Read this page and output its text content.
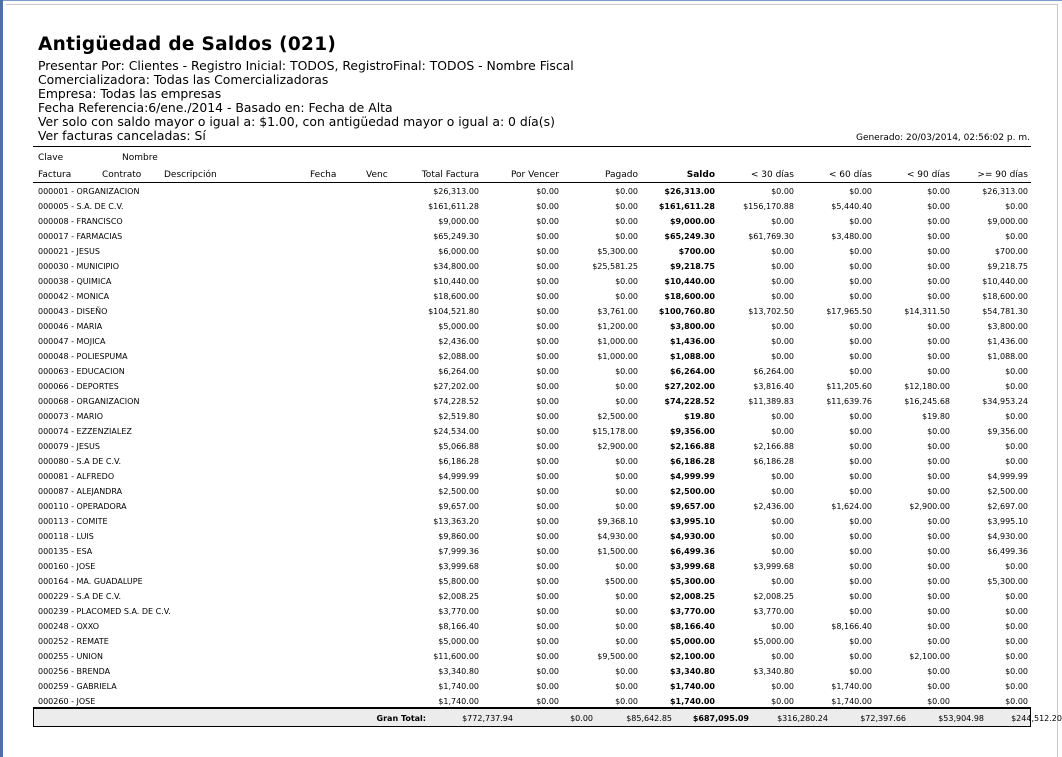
Antigüedad de Saldos (021)
Presentar Por: Clientes - Registro Inicial: TODOS, RegistroFinal: TODOS - Nombre Fiscal
Comercializadora: Todas las Comercializadoras
Empresa: Todas las empresas
Fecha Referencia:6/ene./2014 - Basado en: Fecha de Alta
Ver solo con saldo mayor o igual a: $1.00, con antigüedad mayor o igual a: 0 día(s)
Ver facturas canceladas: Sí	Generado: 20/03/2014, 02:56:02 p. m.
Clave	Nombre
Factura	Contrato	Descripción	Fecha	Venc	Total Factura	Por Vencer	Pagado	Saldo	< 30 días	< 60 días	< 90 días	>= 90 días
000001 - ORGANIZACION	$26,313.00	$0.00	$0.00	$26,313.00	$0.00	$0.00	$0.00	$26,313.00
000005 - S.A. DE C.V.	$161,611.28	$0.00	$0.00	$161,611.28	$156,170.88	$5,440.40	$0.00	$0.00
000008 - FRANCISCO	$9,000.00	$0.00	$0.00	$9,000.00	$0.00	$0.00	$0.00	$9,000.00
000017 - FARMACIAS	$65,249.30	$0.00	$0.00	$65,249.30	$61,769.30	$3,480.00	$0.00	$0.00
000021 - JESUS	$6,000.00	$0.00	$5,300.00	$700.00	$0.00	$0.00	$0.00	$700.00
000030 - MUNICIPIO	$34,800.00	$0.00	$25,581.25	$9,218.75	$0.00	$0.00	$0.00	$9,218.75
000038 - QUIMICA	$10,440.00	$0.00	$0.00	$10,440.00	$0.00	$0.00	$0.00	$10,440.00
000042 - MONICA	$18,600.00	$0.00	$0.00	$18,600.00	$0.00	$0.00	$0.00	$18,600.00
000043 - DISEÑO	$104,521.80	$0.00	$3,761.00	$100,760.80	$13,702.50	$17,965.50	$14,311.50	$54,781.30
000046 - MARIA	$5,000.00	$0.00	$1,200.00	$3,800.00	$0.00	$0.00	$0.00	$3,800.00
000047 - MOJICA	$2,436.00	$0.00	$1,000.00	$1,436.00	$0.00	$0.00	$0.00	$1,436.00
000048 - POLIESPUMA	$2,088.00	$0.00	$1,000.00	$1,088.00	$0.00	$0.00	$0.00	$1,088.00
000063 - EDUCACION	$6,264.00	$0.00	$0.00	$6,264.00	$6,264.00	$0.00	$0.00	$0.00
000066 - DEPORTES	$27,202.00	$0.00	$0.00	$27,202.00	$3,816.40	$11,205.60	$12,180.00	$0.00
000068 - ORGANIZACION	$74,228.52	$0.00	$0.00	$74,228.52	$11,389.83	$11,639.76	$16,245.68	$34,953.24
000073 - MARIO	$2,519.80	$0.00	$2,500.00	$19.80	$0.00	$0.00	$19.80	$0.00
000074 - EZZENZIALEZ	$24,534.00	$0.00	$15,178.00	$9,356.00	$0.00	$0.00	$0.00	$9,356.00
000079 - JESUS	$5,066.88	$0.00	$2,900.00	$2,166.88	$2,166.88	$0.00	$0.00	$0.00
000080 - S.A DE C.V.	$6,186.28	$0.00	$0.00	$6,186.28	$6,186.28	$0.00	$0.00	$0.00
000081 - ALFREDO	$4,999.99	$0.00	$0.00	$4,999.99	$0.00	$0.00	$0.00	$4,999.99
000087 - ALEJANDRA	$2,500.00	$0.00	$0.00	$2,500.00	$0.00	$0.00	$0.00	$2,500.00
000110 - OPERADORA	$9,657.00	$0.00	$0.00	$9,657.00	$2,436.00	$1,624.00	$2,900.00	$2,697.00
000113 - COMITE	$13,363.20	$0.00	$9,368.10	$3,995.10	$0.00	$0.00	$0.00	$3,995.10
000118 - LUIS	$9,860.00	$0.00	$4,930.00	$4,930.00	$0.00	$0.00	$0.00	$4,930.00
000135 - ESA	$7,999.36	$0.00	$1,500.00	$6,499.36	$0.00	$0.00	$0.00	$6,499.36
000160 - JOSE	$3,999.68	$0.00	$0.00	$3,999.68	$3,999.68	$0.00	$0.00	$0.00
000164 - MA. GUADALUPE	$5,800.00	$0.00	$500.00	$5,300.00	$0.00	$0.00	$0.00	$5,300.00
000229 - S.A DE C.V.	$2,008.25	$0.00	$0.00	$2,008.25	$2,008.25	$0.00	$0.00	$0.00
000239 - PLACOMED S.A. DE C.V.	$3,770.00	$0.00	$0.00	$3,770.00	$3,770.00	$0.00	$0.00	$0.00
000248 - OXXO	$8,166.40	$0.00	$0.00	$8,166.40	$0.00	$8,166.40	$0.00	$0.00
000252 - REMATE	$5,000.00	$0.00	$0.00	$5,000.00	$5,000.00	$0.00	$0.00	$0.00
000255 - UNION	$11,600.00	$0.00	$9,500.00	$2,100.00	$0.00	$0.00	$2,100.00	$0.00
000256 - BRENDA	$3,340.80	$0.00	$0.00	$3,340.80	$3,340.80	$0.00	$0.00	$0.00
000259 - GABRIELA	$1,740.00	$0.00	$0.00	$1,740.00	$0.00	$1,740.00	$0.00	$0.00
000260 - JOSE	$1,740.00	$0.00	$0.00	$1,740.00	$0.00	$1,740.00	$0.00	$0.00
Gran Total:	$772,737.94	$0.00	$85,642.85	$687,095.09	$316,280.24	$72,397.66	$53,904.98	$244,512.20
